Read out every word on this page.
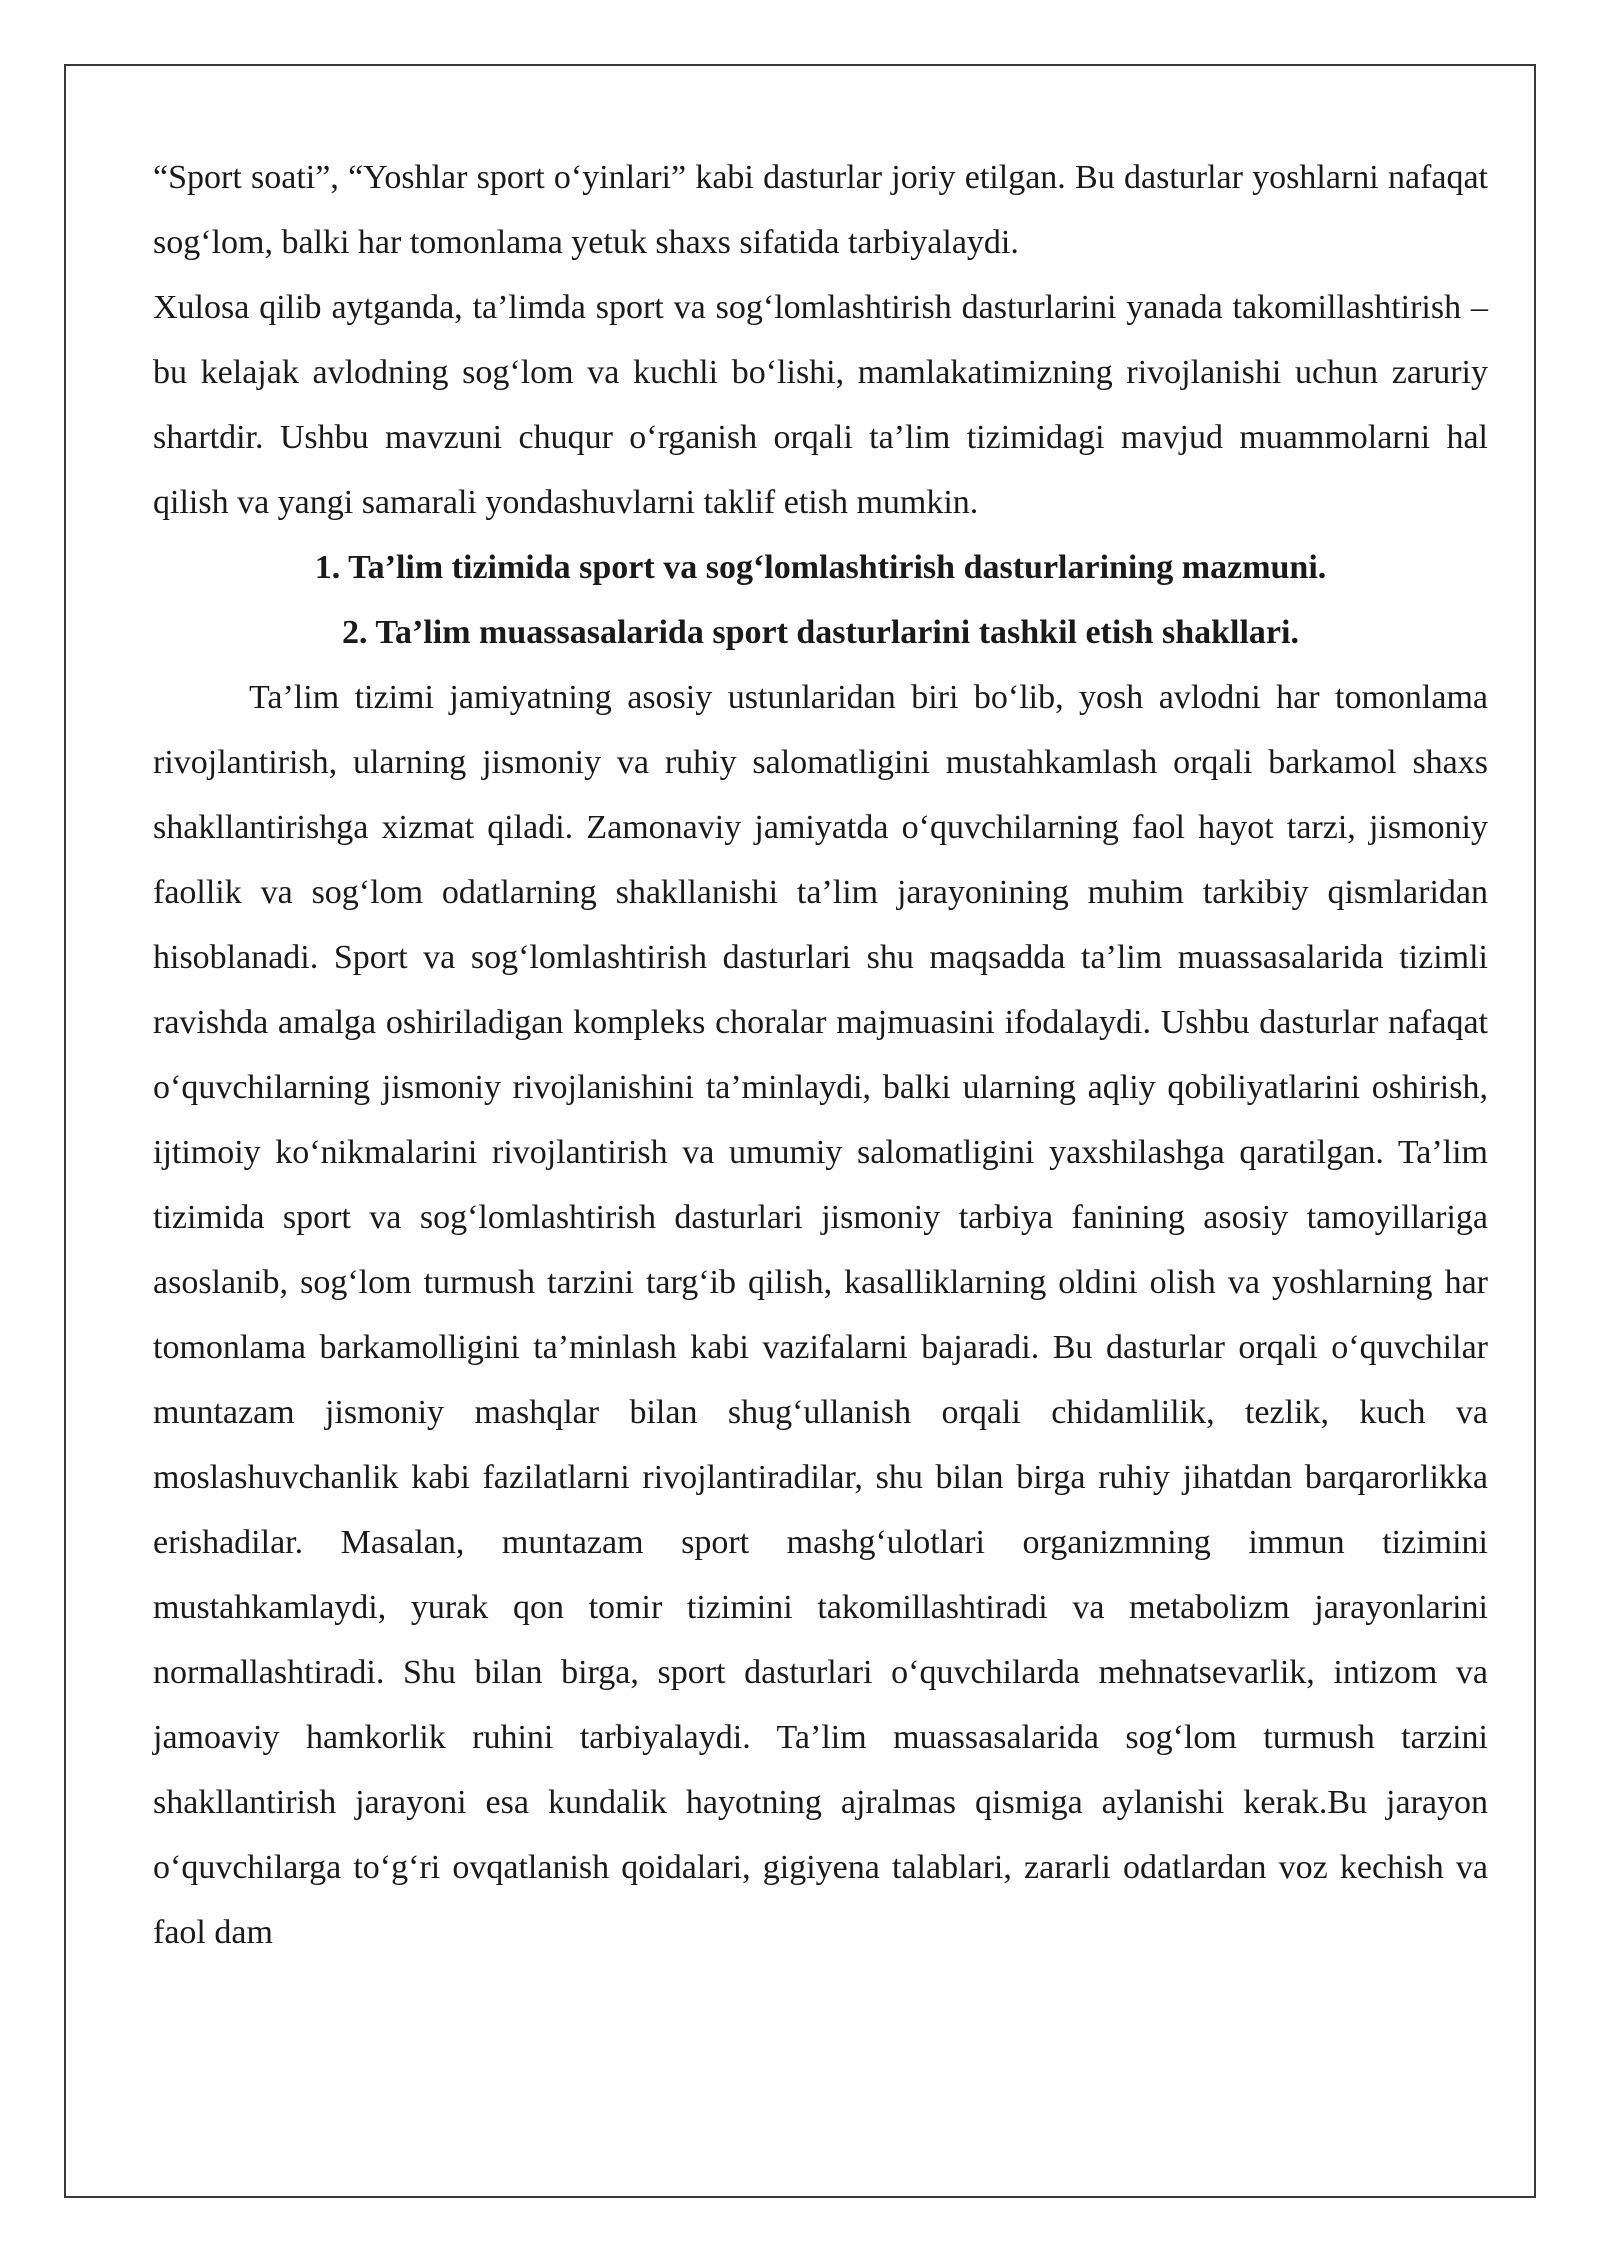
“Sport soati”, “Yoshlar sport o‘yinlari” kabi dasturlar joriy etilgan. Bu dasturlar yoshlarni nafaqat sog‘lom, balki har tomonlama yetuk shaxs sifatida tarbiyalaydi.

Xulosa qilib aytganda, ta’limda sport va sog‘lomlashtirish dasturlarini yanada takomillashtirish – bu kelajak avlodning sog‘lom va kuchli bo‘lishi, mamlakatimizning rivojlanishi uchun zaruriy shartdir. Ushbu mavzuni chuqur o‘rganish orqali ta’lim tizimidagi mavjud muammolarni hal qilish va yangi samarali yondashuvlarni taklif etish mumkin.

1. Ta’lim tizimida sport va sog‘lomlashtirish dasturlarining mazmuni.
2. Ta’lim muassasalarida sport dasturlarini tashkil etish shakllari.

Ta’lim tizimi jamiyatning asosiy ustunlaridan biri bo‘lib, yosh avlodni har tomonlama rivojlantirish, ularning jismoniy va ruhiy salomatligini mustahkamlash orqali barkamol shaxs shakllantirishga xizmat qiladi. Zamonaviy jamiyatda o‘quvchilarning faol hayot tarzi, jismoniy faollik va sog‘lom odatlarning shakllanishi ta’lim jarayonining muhim tarkibiy qismlaridan hisoblanadi. Sport va sog‘lomlashtirish dasturlari shu maqsadda ta’lim muassasalarida tizimli ravishda amalga oshiriladigan kompleks choralar majmuasini ifodalaydi. Ushbu dasturlar nafaqat o‘quvchilarning jismoniy rivojlanishini ta’minlaydi, balki ularning aqliy qobiliyatlarini oshirish, ijtimoiy ko‘nikmalarini rivojlantirish va umumiy salomatligini yaxshilashga qaratilgan. Ta’lim tizimida sport va sog‘lomlashtirish dasturlari jismoniy tarbiya fanining asosiy tamoyillariga asoslanib, sog‘lom turmush tarzini targ‘ib qilish, kasalliklarning oldini olish va yoshlarning har tomonlama barkamolligini ta’minlash kabi vazifalarni bajaradi. Bu dasturlar orqali o‘quvchilar muntazam jismoniy mashqlar bilan shug‘ullanish orqali chidamlilik, tezlik, kuch va moslashuvchanlik kabi fazilatlarni rivojlantiradilar, shu bilan birga ruhiy jihatdan barqarorlikka erishadilar. Masalan, muntazam sport mashg‘ulotlari organizmning immun tizimini mustahkamlaydi, yurak qon tomir tizimini takomillashtiradi va metabolizm jarayonlarini normallashtiradi. Shu bilan birga, sport dasturlari o‘quvchilarda mehnatsevarlik, intizom va jamoaviy hamkorlik ruhini tarbiyalaydi. Ta’lim muassasalarida sog‘lom turmush tarzini shakllantirish jarayoni esa kundalik hayotning ajralmas qismiga aylanishi kerak.Bu jarayon o‘quvchilarga to‘g‘ri ovqatlanish qoidalari, gigiyena talablari, zararli odatlardan voz kechish va faol dam
